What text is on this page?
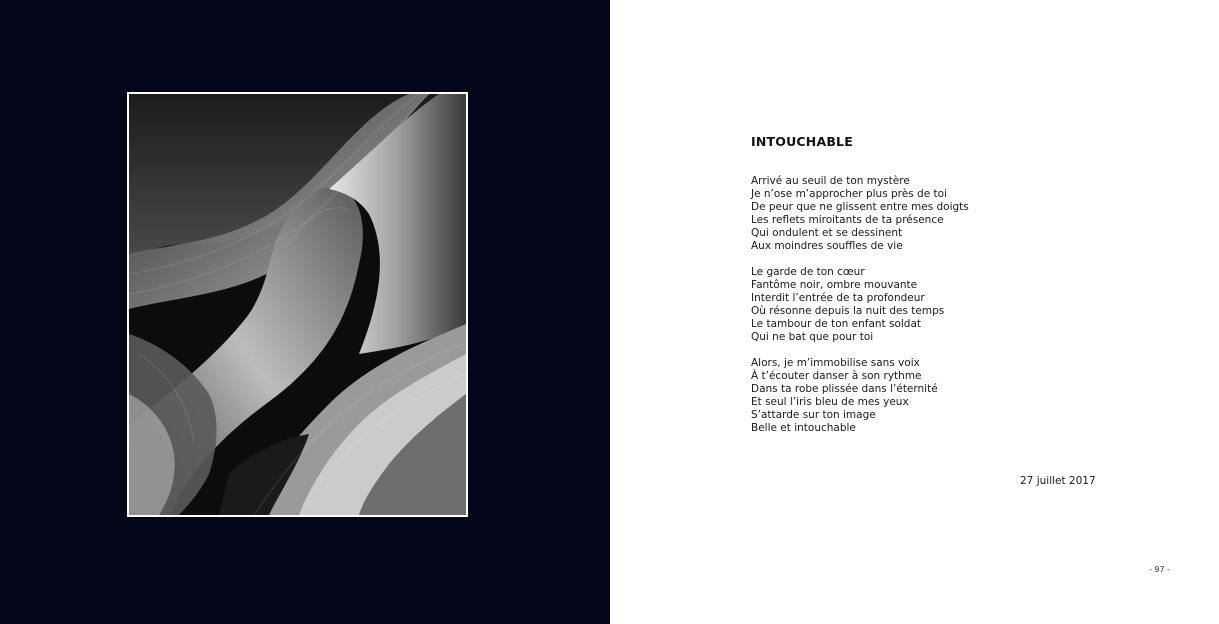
INTOUCHABLE
Arrivé au seuil de ton mystère
Je n’ose m’approcher plus près de toi
De peur que ne glissent entre mes doigts
Les reflets miroitants de ta présence
Qui ondulent et se dessinent
Aux moindres souffles de vie
Le garde de ton cœur
Fantôme noir, ombre mouvante
Interdit l’entrée de ta profondeur
Où résonne depuis la nuit des temps
Le tambour de ton enfant soldat
Qui ne bat que pour toi
Alors, je m’immobilise sans voix
À t’écouter danser à son rythme
Dans ta robe plissée dans l’éternité
Et seul l’iris bleu de mes yeux
S’attarde sur ton image
Belle et intouchable
27 juillet 2017
- 97 -
